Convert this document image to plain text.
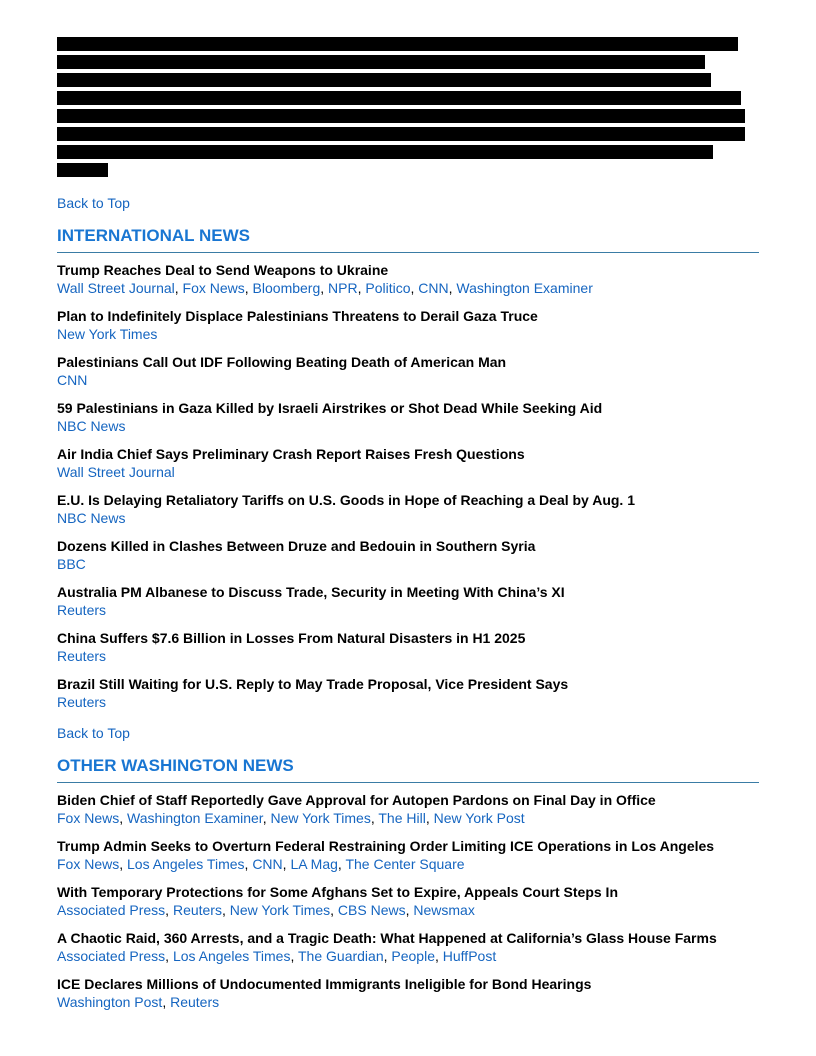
Back to Top
INTERNATIONAL NEWS
Trump Reaches Deal to Send Weapons to Ukraine
Wall Street Journal, Fox News, Bloomberg, NPR, Politico, CNN, Washington Examiner
Plan to Indefinitely Displace Palestinians Threatens to Derail Gaza Truce
New York Times
Palestinians Call Out IDF Following Beating Death of American Man
CNN
59 Palestinians in Gaza Killed by Israeli Airstrikes or Shot Dead While Seeking Aid
NBC News
Air India Chief Says Preliminary Crash Report Raises Fresh Questions
Wall Street Journal
E.U. Is Delaying Retaliatory Tariffs on U.S. Goods in Hope of Reaching a Deal by Aug. 1
NBC News
Dozens Killed in Clashes Between Druze and Bedouin in Southern Syria
BBC
Australia PM Albanese to Discuss Trade, Security in Meeting With China’s XI
Reuters
China Suffers $7.6 Billion in Losses From Natural Disasters in H1 2025
Reuters
Brazil Still Waiting for U.S. Reply to May Trade Proposal, Vice President Says
Reuters
Back to Top
OTHER WASHINGTON NEWS
Biden Chief of Staff Reportedly Gave Approval for Autopen Pardons on Final Day in Office
Fox News, Washington Examiner, New York Times, The Hill, New York Post
Trump Admin Seeks to Overturn Federal Restraining Order Limiting ICE Operations in Los Angeles
Fox News, Los Angeles Times, CNN, LA Mag, The Center Square
With Temporary Protections for Some Afghans Set to Expire, Appeals Court Steps In
Associated Press, Reuters, New York Times, CBS News, Newsmax
A Chaotic Raid, 360 Arrests, and a Tragic Death: What Happened at California’s Glass House Farms
Associated Press, Los Angeles Times, The Guardian, People, HuffPost
ICE Declares Millions of Undocumented Immigrants Ineligible for Bond Hearings
Washington Post, Reuters
